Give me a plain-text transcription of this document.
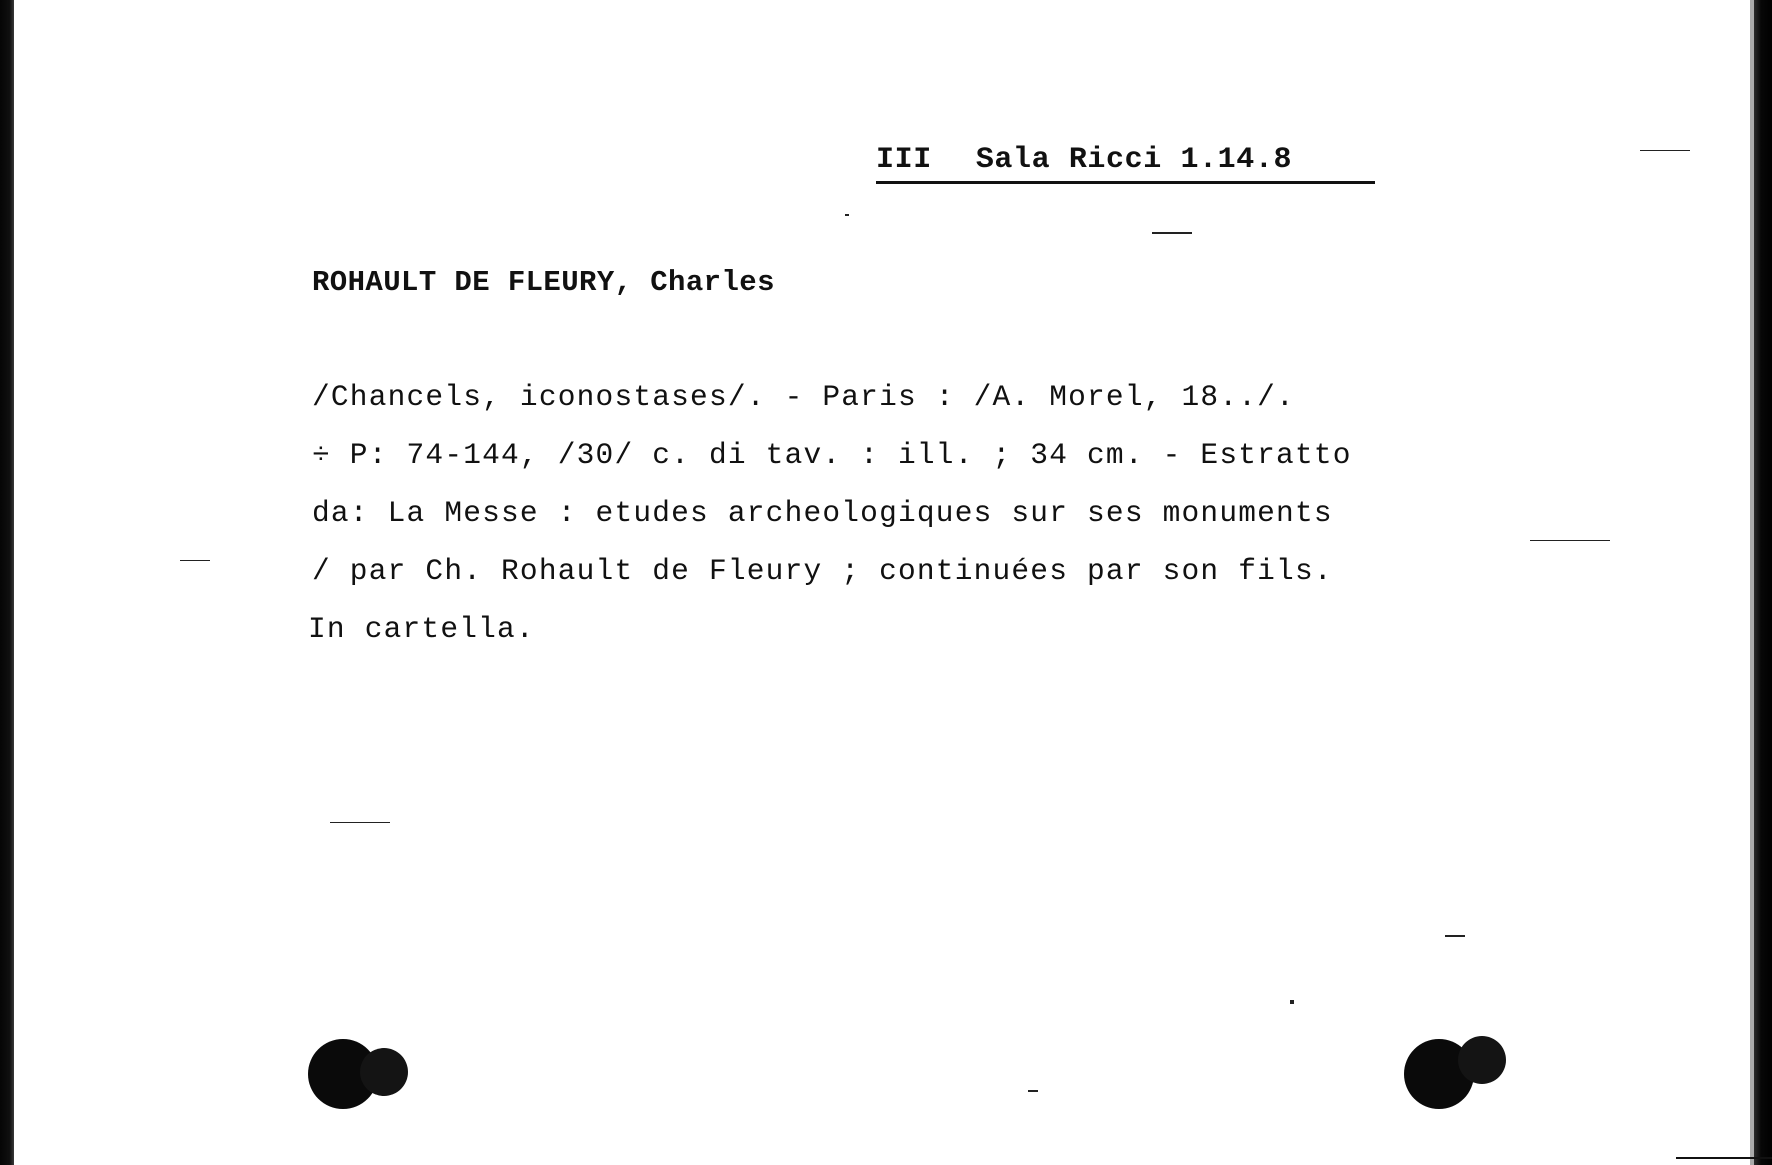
III Sala Ricci 1.14.8
ROHAULT DE FLEURY, Charles
/Chancels, iconostases/. - Paris : /A. Morel, 18../.
÷ P: 74-144, /30/ c. di tav. : ill. ; 34 cm. - Estratto
da: La Messe : etudes archeologiques sur ses monuments
/ par Ch. Rohault de Fleury ; continuées par son fils.
In cartella.
